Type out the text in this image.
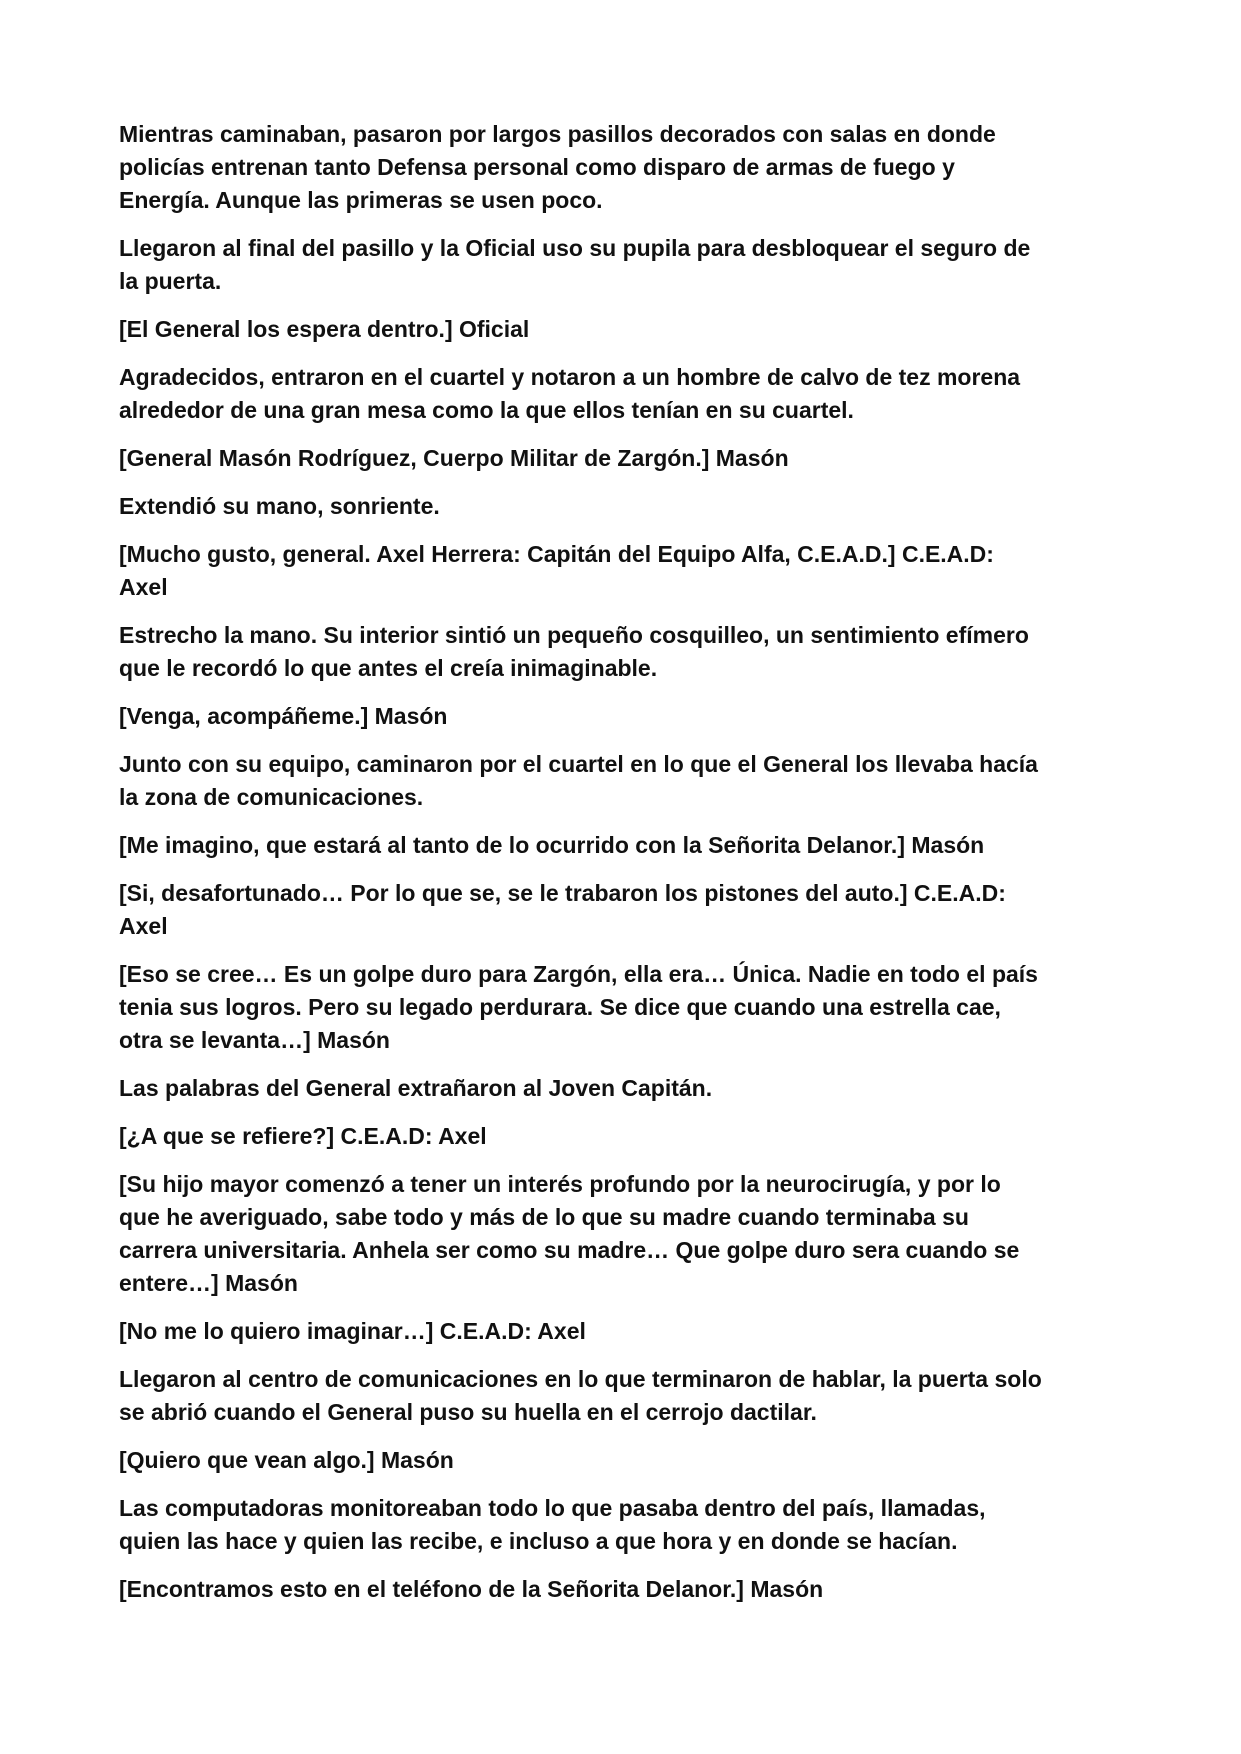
Mientras caminaban, pasaron por largos pasillos decorados con salas en donde
policías entrenan tanto Defensa personal como disparo de armas de fuego y
Energía. Aunque las primeras se usen poco.

Llegaron al final del pasillo y la Oficial uso su pupila para desbloquear el seguro de
la puerta.

[El General los espera dentro.] Oficial

Agradecidos, entraron en el cuartel y notaron a un hombre de calvo de tez morena
alrededor de una gran mesa como la que ellos tenían en su cuartel.

[General Masón Rodríguez, Cuerpo Militar de Zargón.] Masón

Extendió su mano, sonriente.

[Mucho gusto, general. Axel Herrera: Capitán del Equipo Alfa, C.E.A.D.] C.E.A.D:
Axel

Estrecho la mano. Su interior sintió un pequeño cosquilleo, un sentimiento efímero
que le recordó lo que antes el creía inimaginable.

[Venga, acompáñeme.] Masón

Junto con su equipo, caminaron por el cuartel en lo que el General los llevaba hacía
la zona de comunicaciones.

[Me imagino, que estará al tanto de lo ocurrido con la Señorita Delanor.] Masón

[Si, desafortunado… Por lo que se, se le trabaron los pistones del auto.] C.E.A.D:
Axel

[Eso se cree… Es un golpe duro para Zargón, ella era… Única. Nadie en todo el país
tenia sus logros. Pero su legado perdurara. Se dice que cuando una estrella cae,
otra se levanta…] Masón

Las palabras del General extrañaron al Joven Capitán.

[¿A que se refiere?] C.E.A.D: Axel

[Su hijo mayor comenzó a tener un interés profundo por la neurocirugía, y por lo
que he averiguado, sabe todo y más de lo que su madre cuando terminaba su
carrera universitaria. Anhela ser como su madre… Que golpe duro sera cuando se
entere…] Masón

[No me lo quiero imaginar…] C.E.A.D: Axel

Llegaron al centro de comunicaciones en lo que terminaron de hablar, la puerta solo
se abrió cuando el General puso su huella en el cerrojo dactilar.

[Quiero que vean algo.] Masón

Las computadoras monitoreaban todo lo que pasaba dentro del país, llamadas,
quien las hace y quien las recibe, e incluso a que hora y en donde se hacían.

[Encontramos esto en el teléfono de la Señorita Delanor.] Masón
